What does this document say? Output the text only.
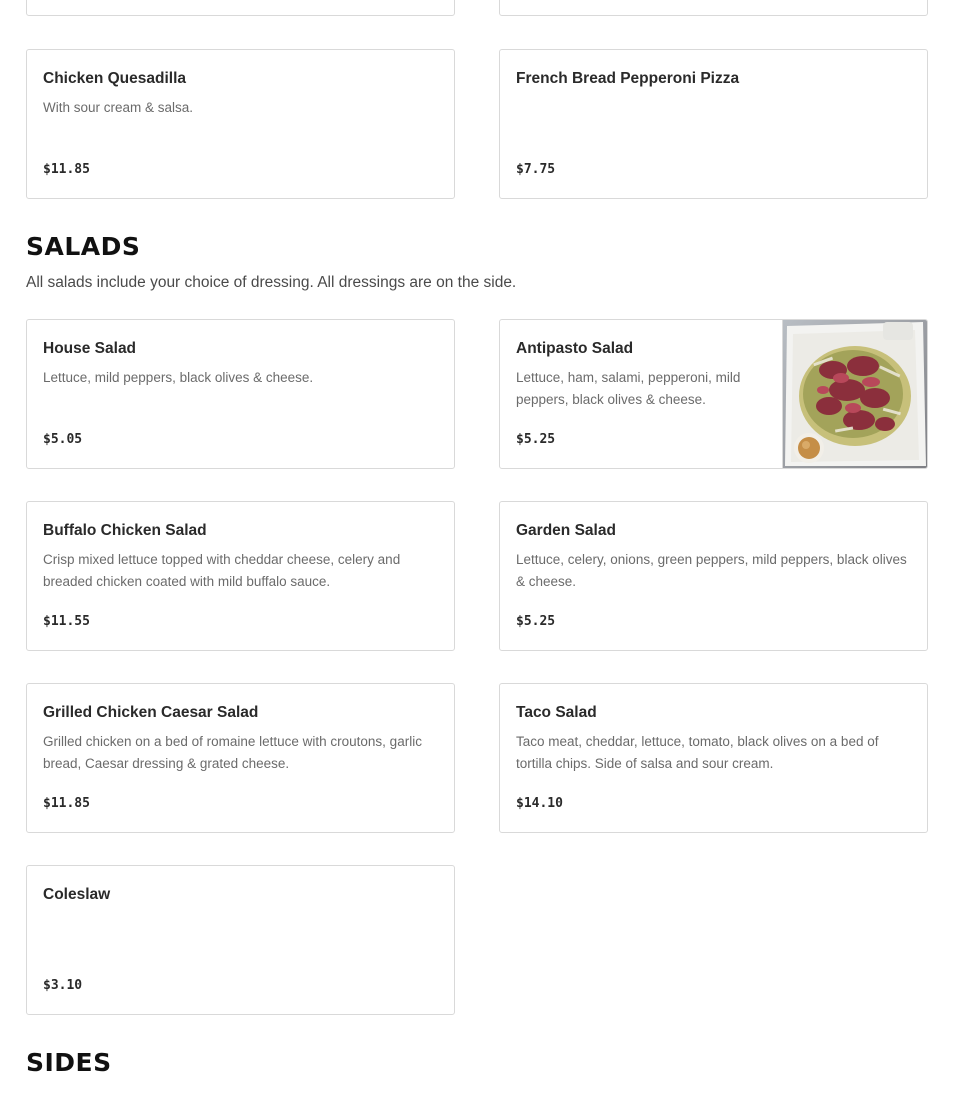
Chicken Quesadilla
With sour cream & salsa.
$11.85
French Bread Pepperoni Pizza
$7.75
SALADS
All salads include your choice of dressing. All dressings are on the side.
House Salad
Lettuce, mild peppers, black olives & cheese.
$5.05
Antipasto Salad
Lettuce, ham, salami, pepperoni, mild peppers, black olives & cheese.
$5.25
Buffalo Chicken Salad
Crisp mixed lettuce topped with cheddar cheese, celery and breaded chicken coated with mild buffalo sauce.
$11.55
Garden Salad
Lettuce, celery, onions, green peppers, mild peppers, black olives & cheese.
$5.25
Grilled Chicken Caesar Salad
Grilled chicken on a bed of romaine lettuce with croutons, garlic bread, Caesar dressing & grated cheese.
$11.85
Taco Salad
Taco meat, cheddar, lettuce, tomato, black olives on a bed of tortilla chips. Side of salsa and sour cream.
$14.10
Coleslaw
$3.10
SIDES
